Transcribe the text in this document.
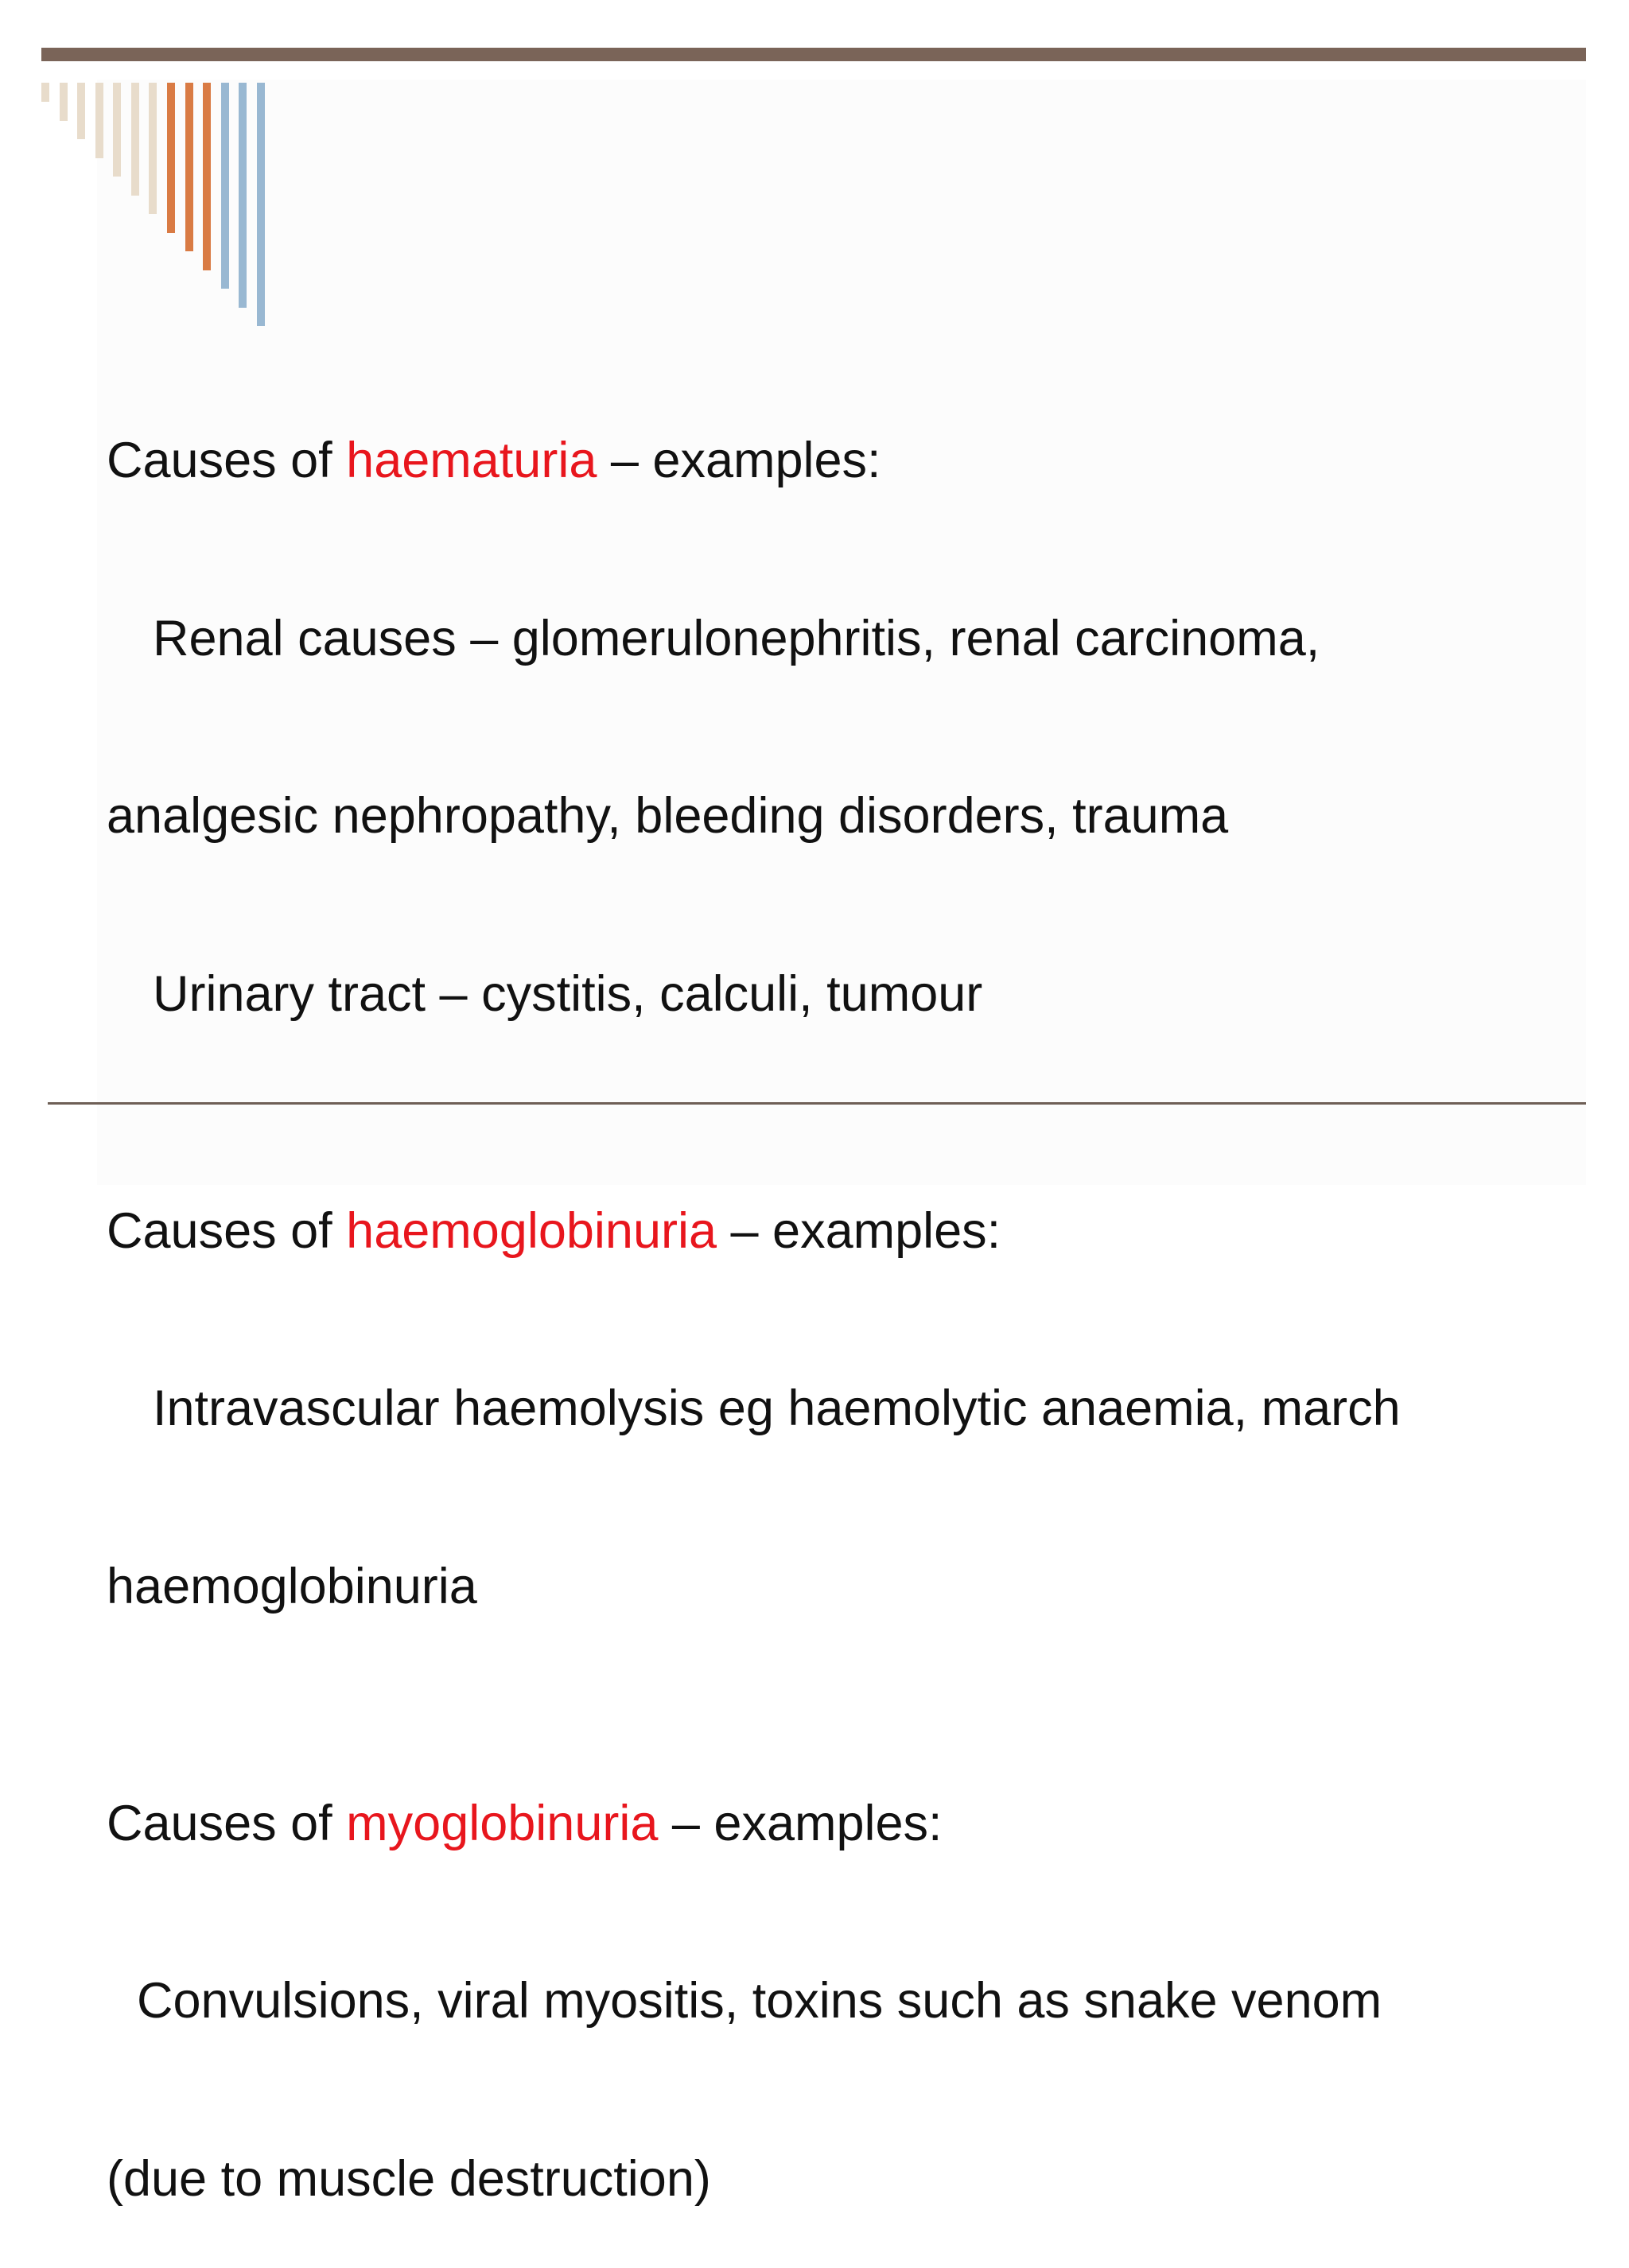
Causes of haematuria – examples:

Renal causes – glomerulonephritis, renal carcinoma,

analgesic nephropathy, bleeding disorders, trauma

Urinary tract – cystitis, calculi, tumour

Causes of haemoglobinuria – examples:

Intravascular haemolysis eg haemolytic anaemia, march

haemoglobinuria

Causes of myoglobinuria – examples:

Convulsions, viral myositis, toxins such as snake venom

(due to muscle destruction)
